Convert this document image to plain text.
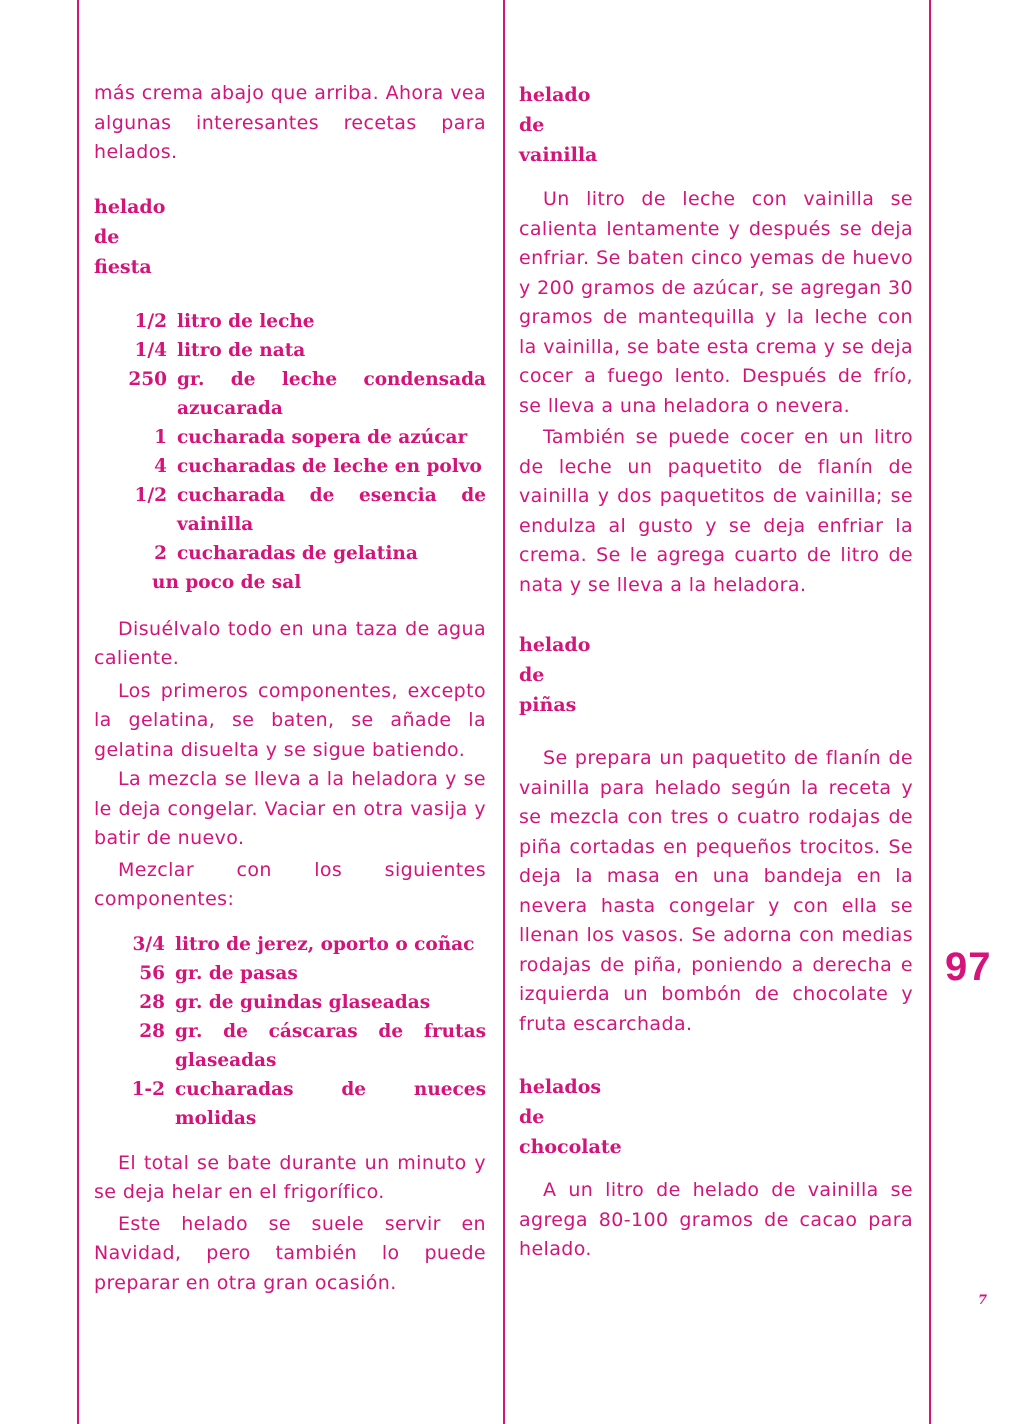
más crema abajo que arriba. Ahora vea algunas interesantes recetas para helados.

helado

de

fiesta

1/2 litro de leche
1/4 litro de nata
250 gr. de leche condensada azucarada
1 cucharada sopera de azúcar
4 cucharadas de leche en polvo
1/2 cucharada de esencia de vainilla
2 cucharadas de gelatina
un poco de sal

Disuélvalo todo en una taza de agua caliente.

Los primeros componentes, excepto la gelatina, se baten, se añade la gelatina disuelta y se sigue batiendo.

La mezcla se lleva a la heladora y se le deja congelar. Vaciar en otra vasija y batir de nuevo.

Mezclar con los siguientes componentes:

3/4 litro de jerez, oporto o coñac
56 gr. de pasas
28 gr. de guindas glaseadas
28 gr. de cáscaras de frutas glaseadas
1-2 cucharadas de nueces molidas

El total se bate durante un minuto y se deja helar en el frigorífico.

Este helado se suele servir en Navidad, pero también lo puede preparar en otra gran ocasión.

helado

de

vainilla

Un litro de leche con vainilla se calienta lentamente y después se deja enfriar. Se baten cinco yemas de huevo y 200 gramos de azúcar, se agregan 30 gramos de mantequilla y la leche con la vainilla, se bate esta crema y se deja cocer a fuego lento. Después de frío, se lleva a una heladora o nevera.

También se puede cocer en un litro de leche un paquetito de flanín de vainilla y dos paquetitos de vainilla; se endulza al gusto y se deja enfriar la crema. Se le agrega cuarto de litro de nata y se lleva a la heladora.

helado

de

piñas

Se prepara un paquetito de flanín de vainilla para helado según la receta y se mezcla con tres o cuatro rodajas de piña cortadas en pequeños trocitos. Se deja la masa en una bandeja en la nevera hasta congelar y con ella se llenan los vasos. Se adorna con medias rodajas de piña, poniendo a derecha e izquierda un bombón de chocolate y fruta escarchada.

helados

de

chocolate

A un litro de helado de vainilla se agrega 80-100 gramos de cacao para helado.

97
7
